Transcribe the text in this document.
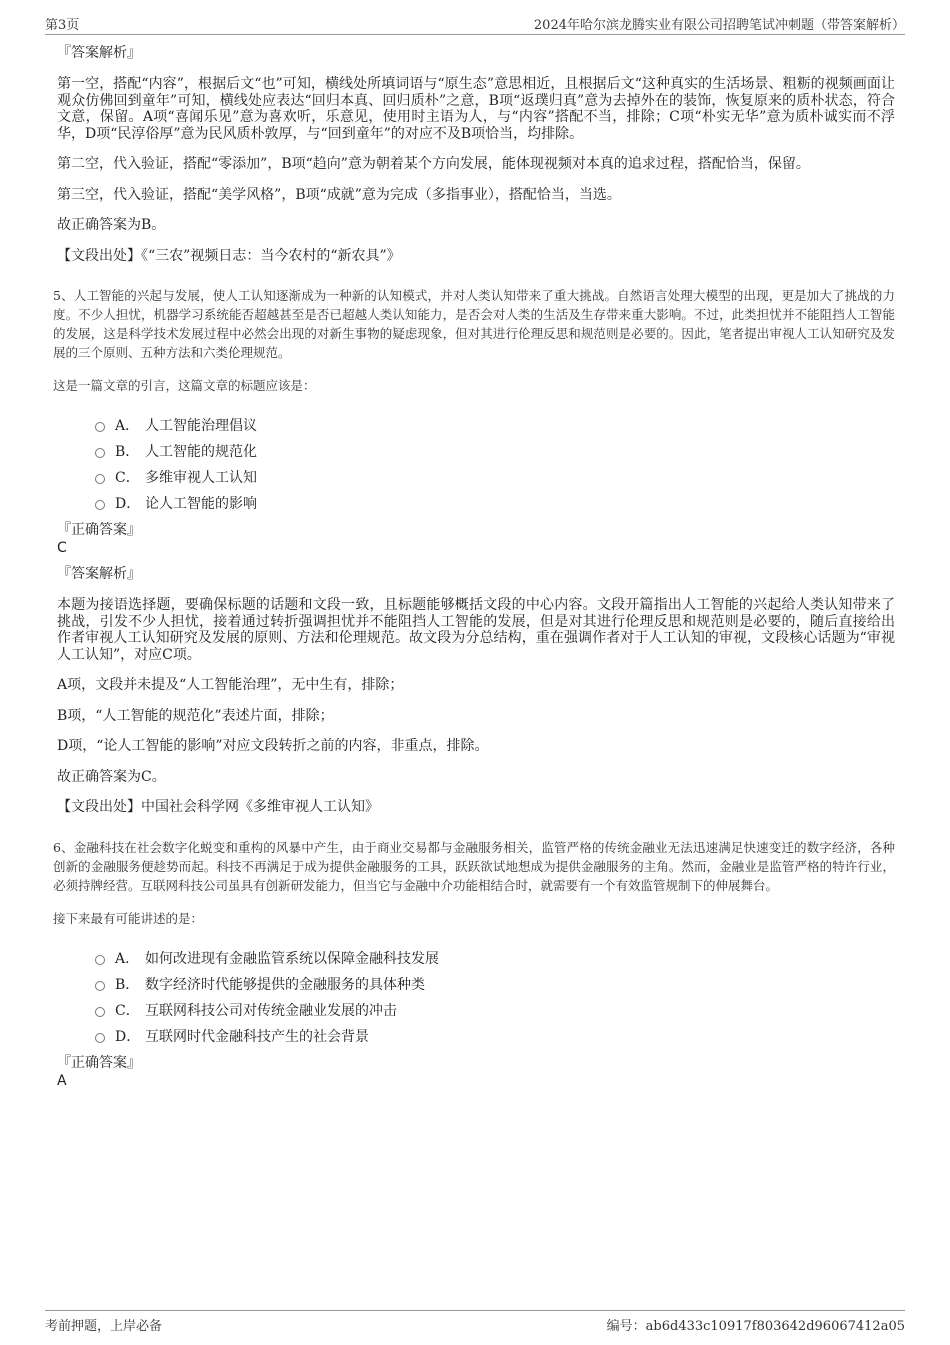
第3页	2024年哈尔滨龙腾实业有限公司招聘笔试冲刺题（带答案解析）

『答案解析』

第一空，搭配“内容”，根据后文“也”可知，横线处所填词语与“原生态”意思相近，且根据后文“这种真实的生活场景、粗粝的视频画面让观众仿佛回到童年”可知，横线处应表达“回归本真、回归质朴”之意，B项“返璞归真”意为去掉外在的装饰，恢复原来的质朴状态，符合文意，保留。A项“喜闻乐见”意为喜欢听，乐意见，使用时主语为人，与“内容”搭配不当，排除；C项“朴实无华”意为质朴诚实而不浮华，D项“民淳俗厚”意为民风质朴敦厚，与“回到童年”的对应不及B项恰当，均排除。

第二空，代入验证，搭配“零添加”，B项“趋向”意为朝着某个方向发展，能体现视频对本真的追求过程，搭配恰当，保留。

第三空，代入验证，搭配“美学风格”，B项“成就”意为完成（多指事业），搭配恰当，当选。

故正确答案为B。

【文段出处】《“三农”视频日志：当今农村的“新农具”》

5、人工智能的兴起与发展，使人工认知逐渐成为一种新的认知模式，并对人类认知带来了重大挑战。自然语言处理大模型的出现，更是加大了挑战的力度。不少人担忧，机器学习系统能否超越甚至是否已超越人类认知能力，是否会对人类的生活及生存带来重大影响。不过，此类担忧并不能阻挡人工智能的发展，这是科学技术发展过程中必然会出现的对新生事物的疑虑现象，但对其进行伦理反思和规范则是必要的。因此，笔者提出审视人工认知研究及发展的三个原则、五种方法和六类伦理规范。

这是一篇文章的引言，这篇文章的标题应该是：

A． 人工智能治理倡议
B． 人工智能的规范化
C． 多维审视人工认知
D． 论人工智能的影响

『正确答案』

C

『答案解析』

本题为接语选择题，要确保标题的话题和文段一致，且标题能够概括文段的中心内容。文段开篇指出人工智能的兴起给人类认知带来了挑战，引发不少人担忧，接着通过转折强调担忧并不能阻挡人工智能的发展，但是对其进行伦理反思和规范则是必要的，随后直接给出作者审视人工认知研究及发展的原则、方法和伦理规范。故文段为分总结构，重在强调作者对于人工认知的审视，文段核心话题为“审视人工认知”，对应C项。

A项，文段并未提及“人工智能治理”，无中生有，排除；

B项，“人工智能的规范化”表述片面，排除；

D项，“论人工智能的影响”对应文段转折之前的内容，非重点，排除。

故正确答案为C。

【文段出处】中国社会科学网《多维审视人工认知》

6、金融科技在社会数字化蜕变和重构的风暴中产生，由于商业交易都与金融服务相关，监管严格的传统金融业无法迅速满足快速变迁的数字经济，各种创新的金融服务便趁势而起。科技不再满足于成为提供金融服务的工具，跃跃欲试地想成为提供金融服务的主角。然而，金融业是监管严格的特许行业，必须持牌经营。互联网科技公司虽具有创新研发能力，但当它与金融中介功能相结合时，就需要有一个有效监管规制下的伸展舞台。

接下来最有可能讲述的是：

A． 如何改进现有金融监管系统以保障金融科技发展
B． 数字经济时代能够提供的金融服务的具体种类
C． 互联网科技公司对传统金融业发展的冲击
D． 互联网时代金融科技产生的社会背景

『正确答案』

A

考前押题，上岸必备	编号：ab6d433c10917f803642d96067412a05
